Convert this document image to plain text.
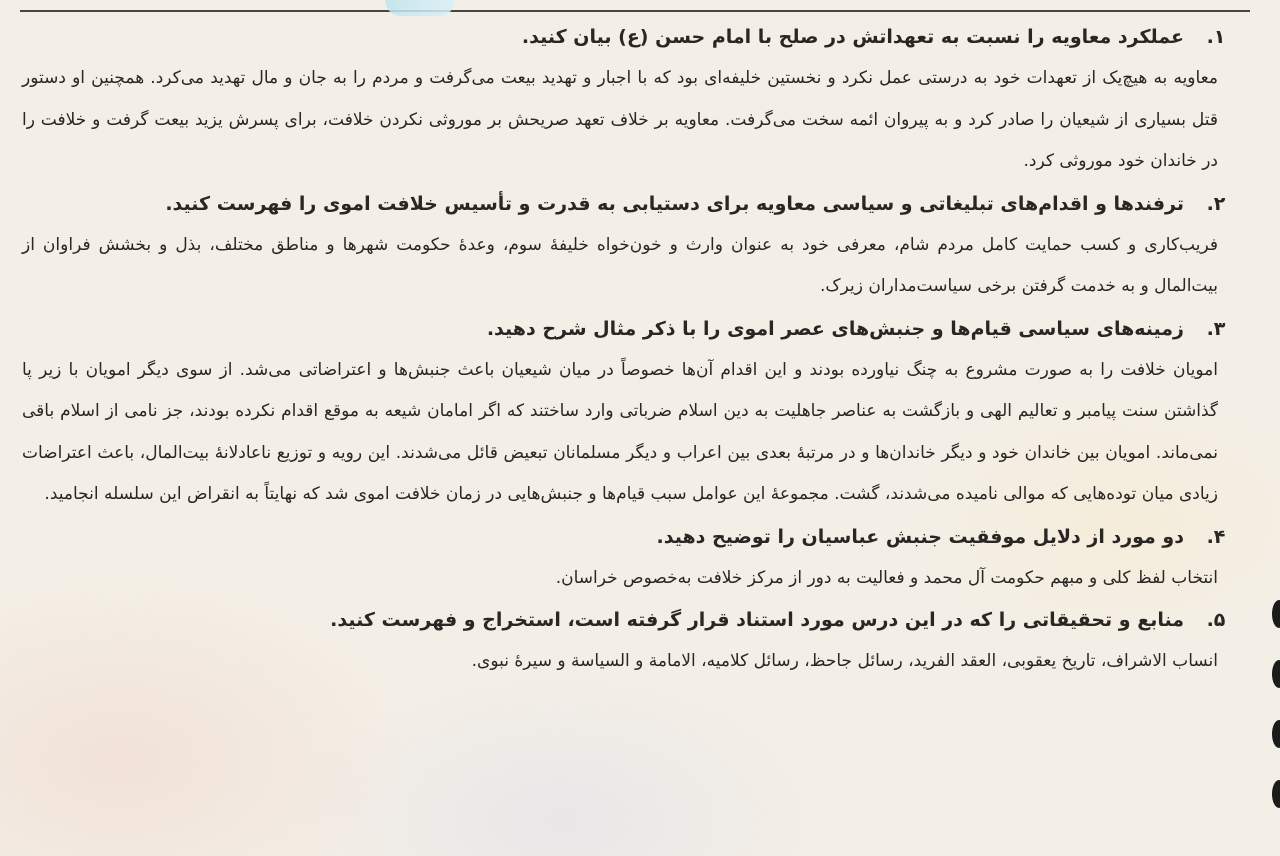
۱.

عملکرد معاویه را نسبت به تعهداتش در صلح با امام حسن (ع) بیان کنید.

معاویه به هیچ‌یک از تعهدات خود به درستی عمل نکرد و نخستین خلیفه‌ای بود که با اجبار و تهدید بیعت می‌گرفت و مردم را به جان و مال تهدید می‌کرد. همچنین او دستور قتل بسیاری از شیعیان را صادر کرد و به پیروان ائمه سخت می‌گرفت. معاویه بر خلاف تعهد صریحش بر موروثی نکردن خلافت، برای پسرش یزید بیعت گرفت و خلافت را در خاندان خود موروثی کرد.

۲.

ترفندها و اقدام‌های تبلیغاتی و سیاسی معاویه برای دستیابی به قدرت و تأسیس خلافت اموی را فهرست کنید.

فریب‌کاری و کسب حمایت کامل مردم شام، معرفی خود به عنوان وارث و خون‌خواه خلیفهٔ سوم، وعدهٔ حکومت شهرها و مناطق مختلف، بذل و بخشش فراوان از بیت‌المال و به خدمت گرفتن برخی سیاست‌مداران زیرک.

۳.

زمینه‌های سیاسی قیام‌ها و جنبش‌های عصر اموی را با ذکر مثال شرح دهید.

امویان خلافت را به صورت مشروع به چنگ نیاورده بودند و این اقدام آن‌ها خصوصاً در میان شیعیان باعث جنبش‌ها و اعتراضاتی می‌شد. از سوی دیگر امویان با زیر پا گذاشتن سنت پیامبر و تعالیم الهی و بازگشت به عناصر جاهلیت به دین اسلام ضرباتی وارد ساختند که اگر امامان شیعه به موقع اقدام نکرده بودند، جز نامی از اسلام باقی نمی‌ماند. امویان بین خاندان خود و دیگر خاندان‌ها و در مرتبهٔ بعدی بین اعراب و دیگر مسلمانان تبعیض قائل می‌شدند. این رویه و توزیع ناعادلانهٔ بیت‌المال، باعث اعتراضات زیادی میان توده‌هایی که موالی نامیده می‌شدند، گشت. مجموعهٔ این عوامل سبب قیام‌ها و جنبش‌هایی در زمان خلافت اموی شد که نهایتاً به انقراض این سلسله انجامید.

۴.

دو مورد از دلایل موفقیت جنبش عباسیان را توضیح دهید.

انتخاب لفظ کلی و مبهم حکومت آل محمد و فعالیت به دور از مرکز خلافت به‌خصوص خراسان.

۵.

منابع و تحقیقاتی را که در این درس مورد استناد قرار گرفته است، استخراج و فهرست کنید.

انساب الاشراف، تاریخ یعقوبی، العقد الفرید، رسائل جاحظ، رسائل کلامیه، الامامة و السیاسة و سیرهٔ نبوی.
